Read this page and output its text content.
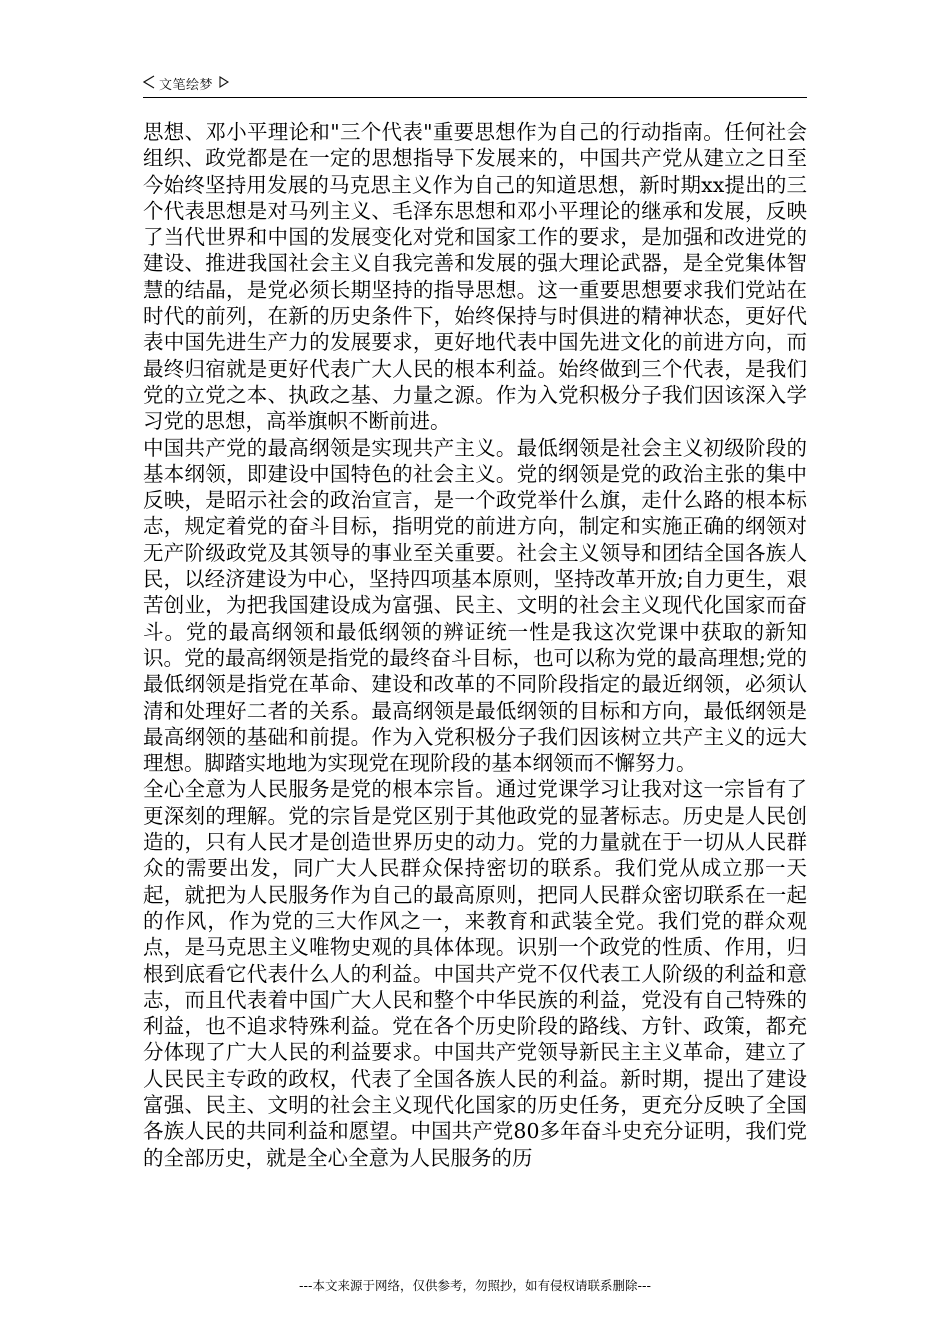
文笔绘梦

思想、邓小平理论和"三个代表"重要思想作为自己的行动指南。任何社会组织、政党都是在一定的思想指导下发展来的，中国共产党从建立之日至今始终坚持用发展的马克思主义作为自己的知道思想，新时期xx提出的三个代表思想是对马列主义、毛泽东思想和邓小平理论的继承和发展，反映了当代世界和中国的发展变化对党和国家工作的要求，是加强和改进党的建设、推进我国社会主义自我完善和发展的强大理论武器，是全党集体智慧的结晶，是党必须长期坚持的指导思想。这一重要思想要求我们党站在时代的前列，在新的历史条件下，始终保持与时俱进的精神状态，更好代表中国先进生产力的发展要求，更好地代表中国先进文化的前进方向，而最终归宿就是更好代表广大人民的根本利益。始终做到三个代表，是我们党的立党之本、执政之基、力量之源。作为入党积极分子我们因该深入学习党的思想，高举旗帜不断前进。

中国共产党的最高纲领是实现共产主义。最低纲领是社会主义初级阶段的基本纲领，即建设中国特色的社会主义。党的纲领是党的政治主张的集中反映，是昭示社会的政治宣言，是一个政党举什么旗，走什么路的根本标志，规定着党的奋斗目标，指明党的前进方向，制定和实施正确的纲领对无产阶级政党及其领导的事业至关重要。社会主义领导和团结全国各族人民，以经济建设为中心，坚持四项基本原则，坚持改革开放;自力更生，艰苦创业，为把我国建设成为富强、民主、文明的社会主义现代化国家而奋斗。党的最高纲领和最低纲领的辨证统一性是我这次党课中获取的新知识。党的最高纲领是指党的最终奋斗目标，也可以称为党的最高理想;党的最低纲领是指党在革命、建设和改革的不同阶段指定的最近纲领，必须认清和处理好二者的关系。最高纲领是最低纲领的目标和方向，最低纲领是最高纲领的基础和前提。作为入党积极分子我们因该树立共产主义的远大理想。脚踏实地地为实现党在现阶段的基本纲领而不懈努力。

全心全意为人民服务是党的根本宗旨。通过党课学习让我对这一宗旨有了更深刻的理解。党的宗旨是党区别于其他政党的显著标志。历史是人民创造的，只有人民才是创造世界历史的动力。党的力量就在于一切从人民群众的需要出发，同广大人民群众保持密切的联系。我们党从成立那一天起，就把为人民服务作为自己的最高原则，把同人民群众密切联系在一起的作风，作为党的三大作风之一，来教育和武装全党。我们党的群众观点，是马克思主义唯物史观的具体体现。识别一个政党的性质、作用，归根到底看它代表什么人的利益。中国共产党不仅代表工人阶级的利益和意志，而且代表着中国广大人民和整个中华民族的利益，党没有自己特殊的利益，也不追求特殊利益。党在各个历史阶段的路线、方针、政策，都充分体现了广大人民的利益要求。中国共产党领导新民主主义革命，建立了人民民主专政的政权，代表了全国各族人民的利益。新时期，提出了建设富强、民主、文明的社会主义现代化国家的历史任务，更充分反映了全国各族人民的共同利益和愿望。中国共产党80多年奋斗史充分证明，我们党的全部历史，就是全心全意为人民服务的历

---本文来源于网络，仅供参考，勿照抄，如有侵权请联系删除---
